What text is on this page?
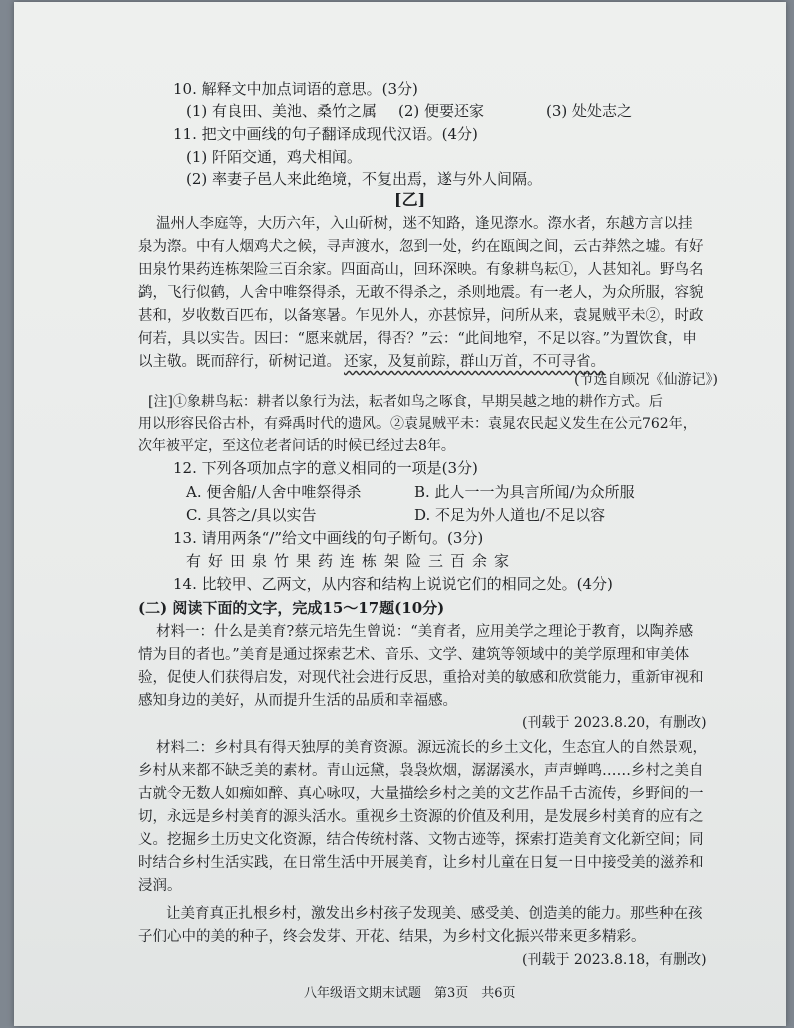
10. 解释文中加点词语的意思。(3分)
(1) 有良田、美池、桑竹之属 (2) 便要还家	(3) 处处志之
11. 把文中画线的句子翻译成现代汉语。(4分)
(1) 阡陌交通，鸡犬相闻。
(2) 率妻子邑人来此绝境，不复出焉，遂与外人间隔。
[乙]
温州人李庭等，大历六年，入山斫树，迷不知路，逢见漈水。漈水者，东越方言以挂
泉为漈。中有人烟鸡犬之候，寻声渡水，忽到一处，约在瓯闽之间，云古莽然之墟。有好
田泉竹果药连栋架险三百余家。四面高山，回环深映。有象耕鸟耘①，人甚知礼。野鸟名
鹢，飞行似鹤，人舍中唯祭得杀，无敢不得杀之，杀则地震。有一老人，为众所服，容貌
甚和，岁收数百匹布，以备寒暑。乍见外人，亦甚惊异，问所从来，袁晁贼平未②，时政
何若，具以实告。因曰：“愿来就居，得否？”云：“此间地窄，不足以容。”为置饮食，申
以主敬。既而辞行，斫树记道。 还家，及复前踪，群山万首，不可寻省。
(节选自顾况《仙游记》)
[注]①象耕鸟耘：耕者以象行为法，耘者如鸟之啄食，早期吴越之地的耕作方式。后
用以形容民俗古朴，有舜禹时代的遗风。②袁晁贼平未：袁晁农民起义发生在公元762年，
次年被平定，至这位老者问话的时候已经过去8年。
12. 下列各项加点字的意义相同的一项是(3分)
A. 便舍船/人舍中唯祭得杀	B. 此人一一为具言所闻/为众所服
C. 具答之/具以实告	D. 不足为外人道也/不足以容
13. 请用两条“/”给文中画线的句子断句。(3分)
有好田泉竹果药连栋架险三百余家
14. 比较甲、乙两文，从内容和结构上说说它们的相同之处。(4分)
(二) 阅读下面的文字，完成15～17题(10分)
材料一：什么是美育?蔡元培先生曾说：“美育者，应用美学之理论于教育，以陶养感
情为目的者也。”美育是通过探索艺术、音乐、文学、建筑等领域中的美学原理和审美体
验，促使人们获得启发，对现代社会进行反思，重拾对美的敏感和欣赏能力，重新审视和
感知身边的美好，从而提升生活的品质和幸福感。
(刊载于 2023.8.20，有删改)
材料二：乡村具有得天独厚的美育资源。源远流长的乡土文化，生态宜人的自然景观，
乡村从来都不缺乏美的素材。青山远黛，袅袅炊烟，潺潺溪水，声声蝉鸣……乡村之美自
古就令无数人如痴如醉、真心咏叹，大量描绘乡村之美的文艺作品千古流传，乡野间的一
切，永远是乡村美育的源头活水。重视乡土资源的价值及利用，是发展乡村美育的应有之
义。挖掘乡土历史文化资源，结合传统村落、文物古迹等，探索打造美育文化新空间；同
时结合乡村生活实践，在日常生活中开展美育，让乡村儿童在日复一日中接受美的滋养和
浸润。
让美育真正扎根乡村，激发出乡村孩子发现美、感受美、创造美的能力。那些种在孩
子们心中的美的种子，终会发芽、开花、结果，为乡村文化振兴带来更多精彩。
(刊载于 2023.8.18，有删改)
八年级语文期末试题　第3页　共6页
